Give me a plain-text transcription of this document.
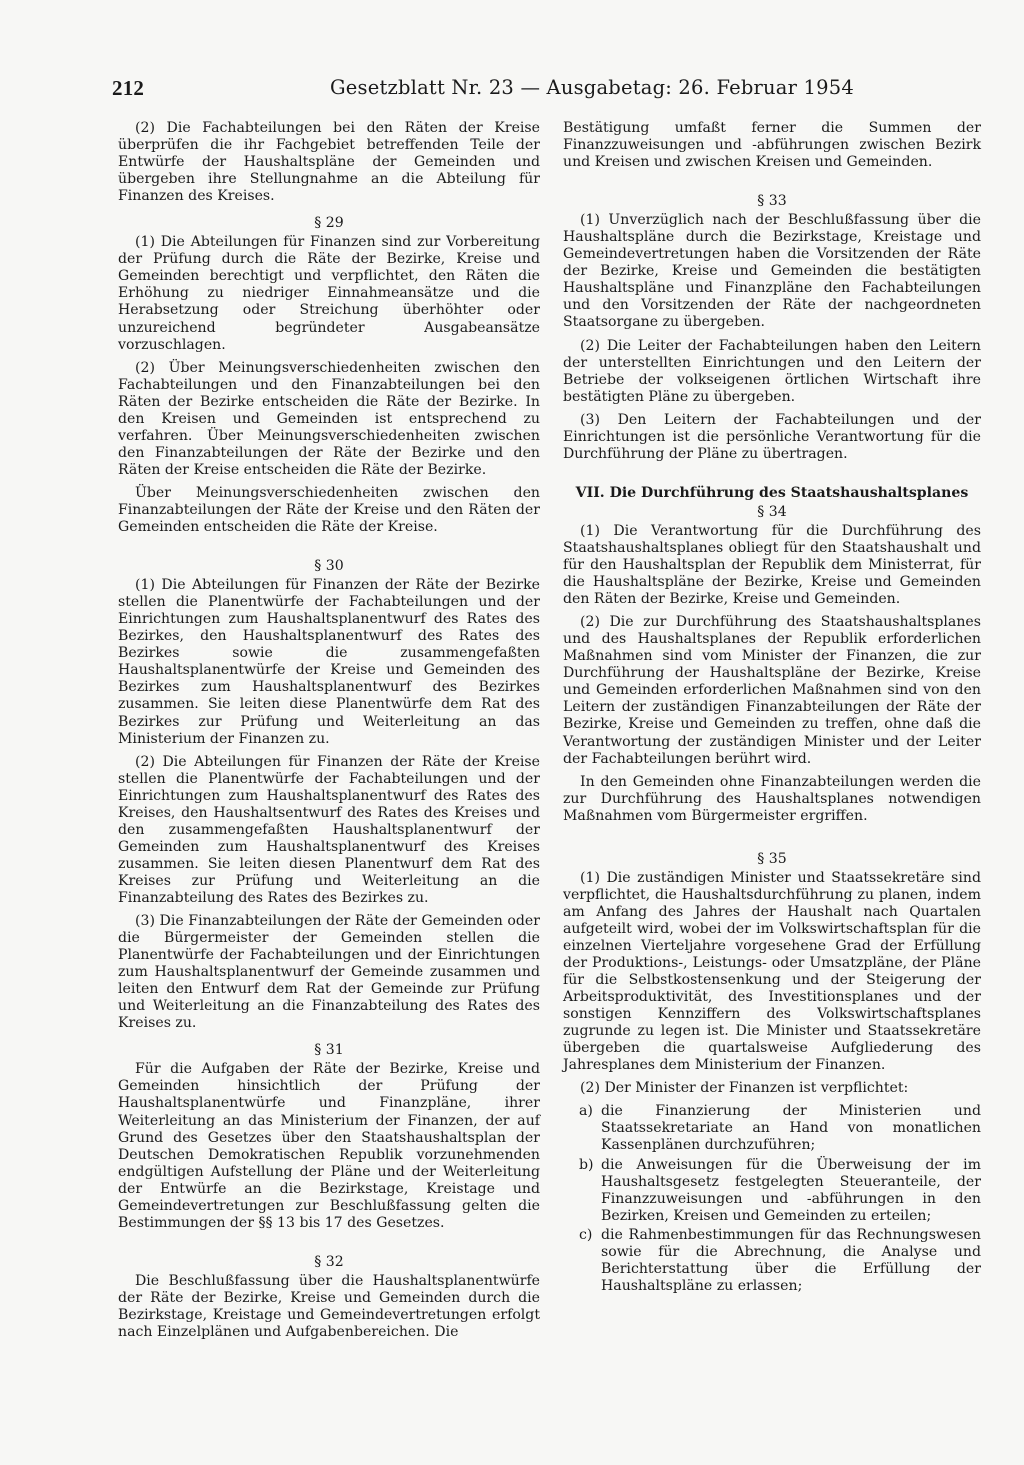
212	Gesetzblatt Nr. 23 — Ausgabetag: 26. Februar 1954

(2) Die Fachabteilungen bei den Räten der Kreise überprüfen die ihr Fachgebiet betreffenden Teile der Entwürfe der Haushaltspläne der Gemeinden und übergeben ihre Stellungnahme an die Abteilung für Finanzen des Kreises.

§ 29

(1) Die Abteilungen für Finanzen sind zur Vorbereitung der Prüfung durch die Räte der Bezirke, Kreise und Gemeinden berechtigt und verpflichtet, den Räten die Erhöhung zu niedriger Einnahmeansätze und die Herabsetzung oder Streichung überhöhter oder unzureichend begründeter Ausgabeansätze vorzuschlagen.

(2) Über Meinungsverschiedenheiten zwischen den Fachabteilungen und den Finanzabteilungen bei den Räten der Bezirke entscheiden die Räte der Bezirke. In den Kreisen und Gemeinden ist entsprechend zu verfahren. Über Meinungsverschiedenheiten zwischen den Finanzabteilungen der Räte der Bezirke und den Räten der Kreise entscheiden die Räte der Bezirke.

Über Meinungsverschiedenheiten zwischen den Finanzabteilungen der Räte der Kreise und den Räten der Gemeinden entscheiden die Räte der Kreise.

§ 30

(1) Die Abteilungen für Finanzen der Räte der Bezirke stellen die Planentwürfe der Fachabteilungen und der Einrichtungen zum Haushaltsplanentwurf des Rates des Bezirkes, den Haushaltsplanentwurf des Rates des Bezirkes sowie die zusammengefaßten Haushaltsplanentwürfe der Kreise und Gemeinden des Bezirkes zum Haushaltsplanentwurf des Bezirkes zusammen. Sie leiten diese Planentwürfe dem Rat des Bezirkes zur Prüfung und Weiterleitung an das Ministerium der Finanzen zu.

(2) Die Abteilungen für Finanzen der Räte der Kreise stellen die Planentwürfe der Fachabteilungen und der Einrichtungen zum Haushaltsplanentwurf des Rates des Kreises, den Haushaltsentwurf des Rates des Kreises und den zusammengefaßten Haushaltsplanentwurf der Gemeinden zum Haushaltsplanentwurf des Kreises zusammen. Sie leiten diesen Planentwurf dem Rat des Kreises zur Prüfung und Weiterleitung an die Finanzabteilung des Rates des Bezirkes zu.

(3) Die Finanzabteilungen der Räte der Gemeinden oder die Bürgermeister der Gemeinden stellen die Planentwürfe der Fachabteilungen und der Einrichtungen zum Haushaltsplanentwurf der Gemeinde zusammen und leiten den Entwurf dem Rat der Gemeinde zur Prüfung und Weiterleitung an die Finanzabteilung des Rates des Kreises zu.

§ 31

Für die Aufgaben der Räte der Bezirke, Kreise und Gemeinden hinsichtlich der Prüfung der Haushaltsplanentwürfe und Finanzpläne, ihrer Weiterleitung an das Ministerium der Finanzen, der auf Grund des Gesetzes über den Staatshaushaltsplan der Deutschen Demokratischen Republik vorzunehmenden endgültigen Aufstellung der Pläne und der Weiterleitung der Entwürfe an die Bezirkstage, Kreistage und Gemeindevertretungen zur Beschlußfassung gelten die Bestimmungen der §§ 13 bis 17 des Gesetzes.

§ 32

Die Beschlußfassung über die Haushaltsplanentwürfe der Räte der Bezirke, Kreise und Gemeinden durch die Bezirkstage, Kreistage und Gemeindevertretungen erfolgt nach Einzelplänen und Aufgabenbereichen. Die

Bestätigung umfaßt ferner die Summen der Finanzzuweisungen und -abführungen zwischen Bezirk und Kreisen und zwischen Kreisen und Gemeinden.

§ 33

(1) Unverzüglich nach der Beschlußfassung über die Haushaltspläne durch die Bezirkstage, Kreistage und Gemeindevertretungen haben die Vorsitzenden der Räte der Bezirke, Kreise und Gemeinden die bestätigten Haushaltspläne und Finanzpläne den Fachabteilungen und den Vorsitzenden der Räte der nachgeordneten Staatsorgane zu übergeben.

(2) Die Leiter der Fachabteilungen haben den Leitern der unterstellten Einrichtungen und den Leitern der Betriebe der volkseigenen örtlichen Wirtschaft ihre bestätigten Pläne zu übergeben.

(3) Den Leitern der Fachabteilungen und der Einrichtungen ist die persönliche Verantwortung für die Durchführung der Pläne zu übertragen.

VII. Die Durchführung des Staatshaushaltsplanes
§ 34

(1) Die Verantwortung für die Durchführung des Staatshaushaltsplanes obliegt für den Staatshaushalt und für den Haushaltsplan der Republik dem Ministerrat, für die Haushaltspläne der Bezirke, Kreise und Gemeinden den Räten der Bezirke, Kreise und Gemeinden.

(2) Die zur Durchführung des Staatshaushaltsplanes und des Haushaltsplanes der Republik erforderlichen Maßnahmen sind vom Minister der Finanzen, die zur Durchführung der Haushaltspläne der Bezirke, Kreise und Gemeinden erforderlichen Maßnahmen sind von den Leitern der zuständigen Finanzabteilungen der Räte der Bezirke, Kreise und Gemeinden zu treffen, ohne daß die Verantwortung der zuständigen Minister und der Leiter der Fachabteilungen berührt wird.

In den Gemeinden ohne Finanzabteilungen werden die zur Durchführung des Haushaltsplanes notwendigen Maßnahmen vom Bürgermeister ergriffen.

§ 35

(1) Die zuständigen Minister und Staatssekretäre sind verpflichtet, die Haushaltsdurchführung zu planen, indem am Anfang des Jahres der Haushalt nach Quartalen aufgeteilt wird, wobei der im Volkswirtschaftsplan für die einzelnen Vierteljahre vorgesehene Grad der Erfüllung der Produktions-, Leistungs- oder Umsatzpläne, der Pläne für die Selbstkostensenkung und der Steigerung der Arbeitsproduktivität, des Investitionsplanes und der sonstigen Kennziffern des Volkswirtschaftsplanes zugrunde zu legen ist. Die Minister und Staatssekretäre übergeben die quartalsweise Aufgliederung des Jahresplanes dem Ministerium der Finanzen.

(2) Der Minister der Finanzen ist verpflichtet:

a) die Finanzierung der Ministerien und Staatssekretariate an Hand von monatlichen Kassenplänen durchzuführen;
b) die Anweisungen für die Überweisung der im Haushaltsgesetz festgelegten Steueranteile, der Finanzzuweisungen und -abführungen in den Bezirken, Kreisen und Gemeinden zu erteilen;
c) die Rahmenbestimmungen für das Rechnungswesen sowie für die Abrechnung, die Analyse und Berichterstattung über die Erfüllung der Haushaltspläne zu erlassen;
